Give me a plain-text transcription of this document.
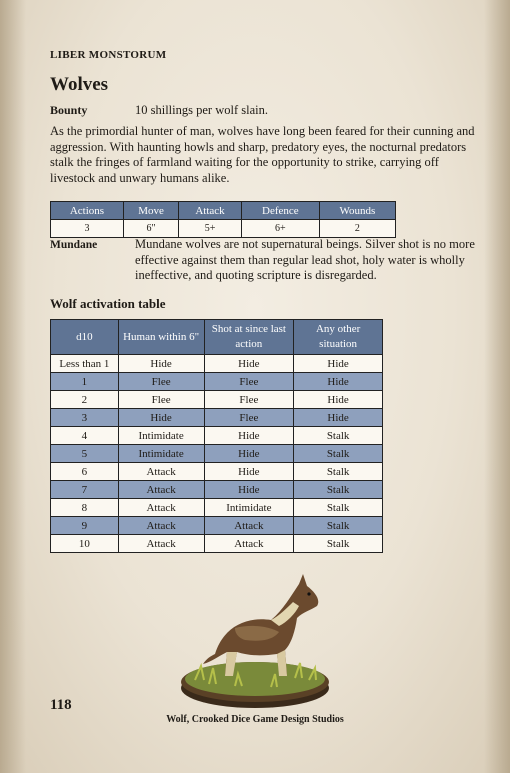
LIBER MONSTORUM
Wolves
Bounty	10 shillings per wolf slain.
As the primordial hunter of man, wolves have long been feared for their cunning and aggression. With haunting howls and sharp, predatory eyes, the nocturnal predators stalk the fringes of farmland waiting for the opportunity to strike, carrying off livestock and unwary humans alike.
Actions	Move	Attack	Defence	Wounds
3	6"	5+	6+	2
Mundane	Mundane wolves are not supernatural beings. Silver shot is no more effective against them than regular lead shot, holy water is wholly ineffective, and quoting scripture is disregarded.
Wolf activation table
d10	Human within 6"	Shot at since last action	Any other situation
Less than 1	Hide	Hide	Hide
1	Flee	Flee	Hide
2	Flee	Flee	Hide
3	Hide	Flee	Hide
4	Intimidate	Hide	Stalk
5	Intimidate	Hide	Stalk
6	Attack	Hide	Stalk
7	Attack	Hide	Stalk
8	Attack	Intimidate	Stalk
9	Attack	Attack	Stalk
10	Attack	Attack	Stalk
118
Wolf, Crooked Dice Game Design Studios
